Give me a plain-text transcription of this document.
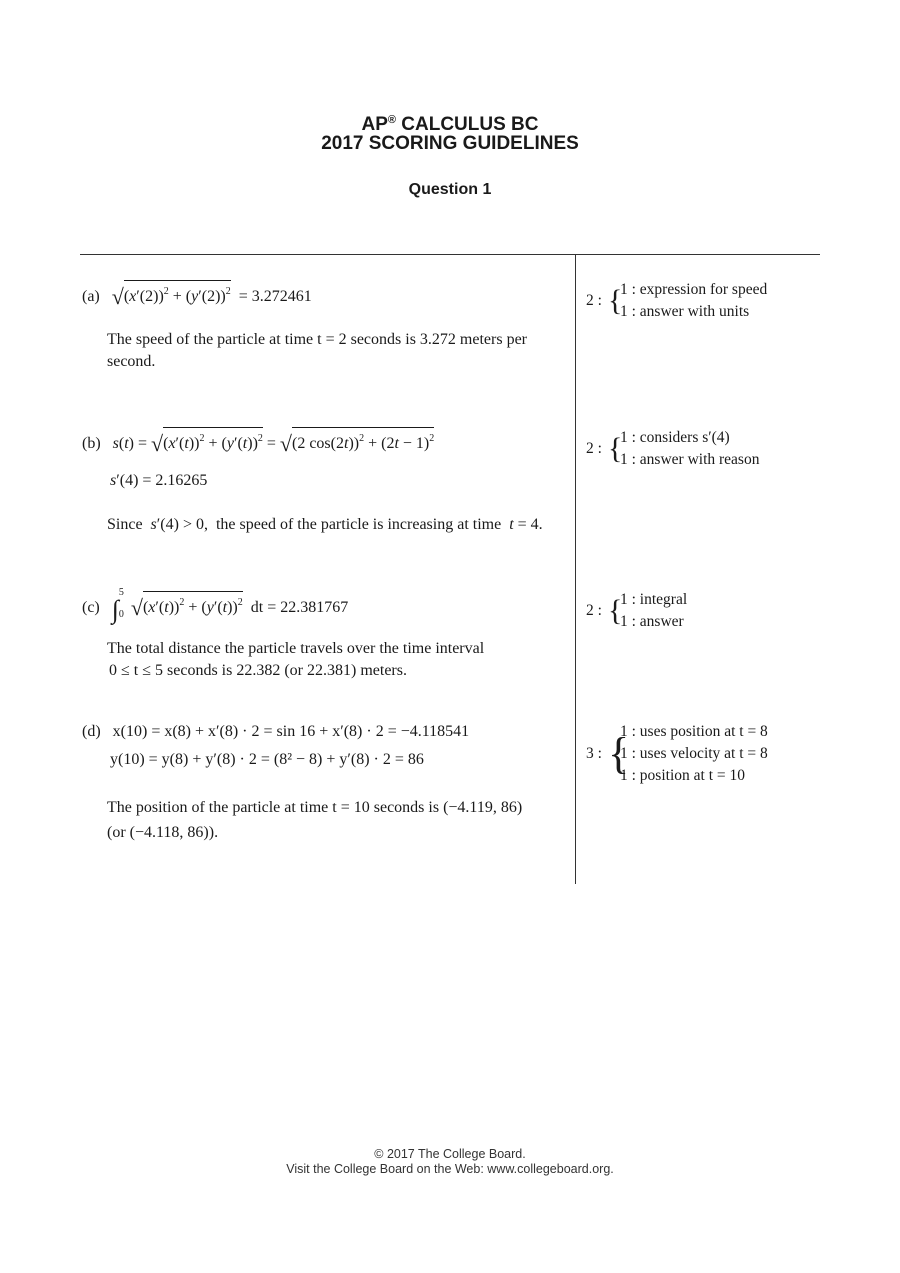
AP® CALCULUS BC
2017 SCORING GUIDELINES
Question 1
(a) $√(x'(2))^2 + (y'(2))^2 = 3.272461$
The speed of the particle at time t = 2 seconds is 3.272 meters per second.
2 : {
1 : expression for speed
1 : answer with units
(b) $s(t) = √(x'(t))^2 + (y'(t))^2 = √(2$ $\cos(2t))^2 + (2t - 1)^2$
s′(4) = 2.16265
Since s′(4) > 0,  the speed of the particle is increasing at time t = 4.
2 : {
1 : considers s′(4)
1 : answer with reason
(c) ∫
5
0 $√(x'(t))^2 + (y'(t))^2$ dt = 22.381767
The total distance the particle travels over the time interval
0 ≤ t ≤ 5 seconds is 22.382 (or 22.381) meters.
2 : {
1 : integral
1 : answer
(d) x(10) = x(8) + x′(8) · 2 = sin 16 + x′(8) · 2 = −4.118541
y(10) = y(8) + y′(8) · 2 = (8² − 8) + y′(8) · 2 = 86
The position of the particle at time t = 10 seconds is (−4.119, 86)
(or (−4.118, 86)).
3 : {
1 : uses position at t = 8
1 : uses velocity at t = 8
1 : position at t = 10
© 2017 The College Board.
Visit the College Board on the Web: www.collegeboard.org.
